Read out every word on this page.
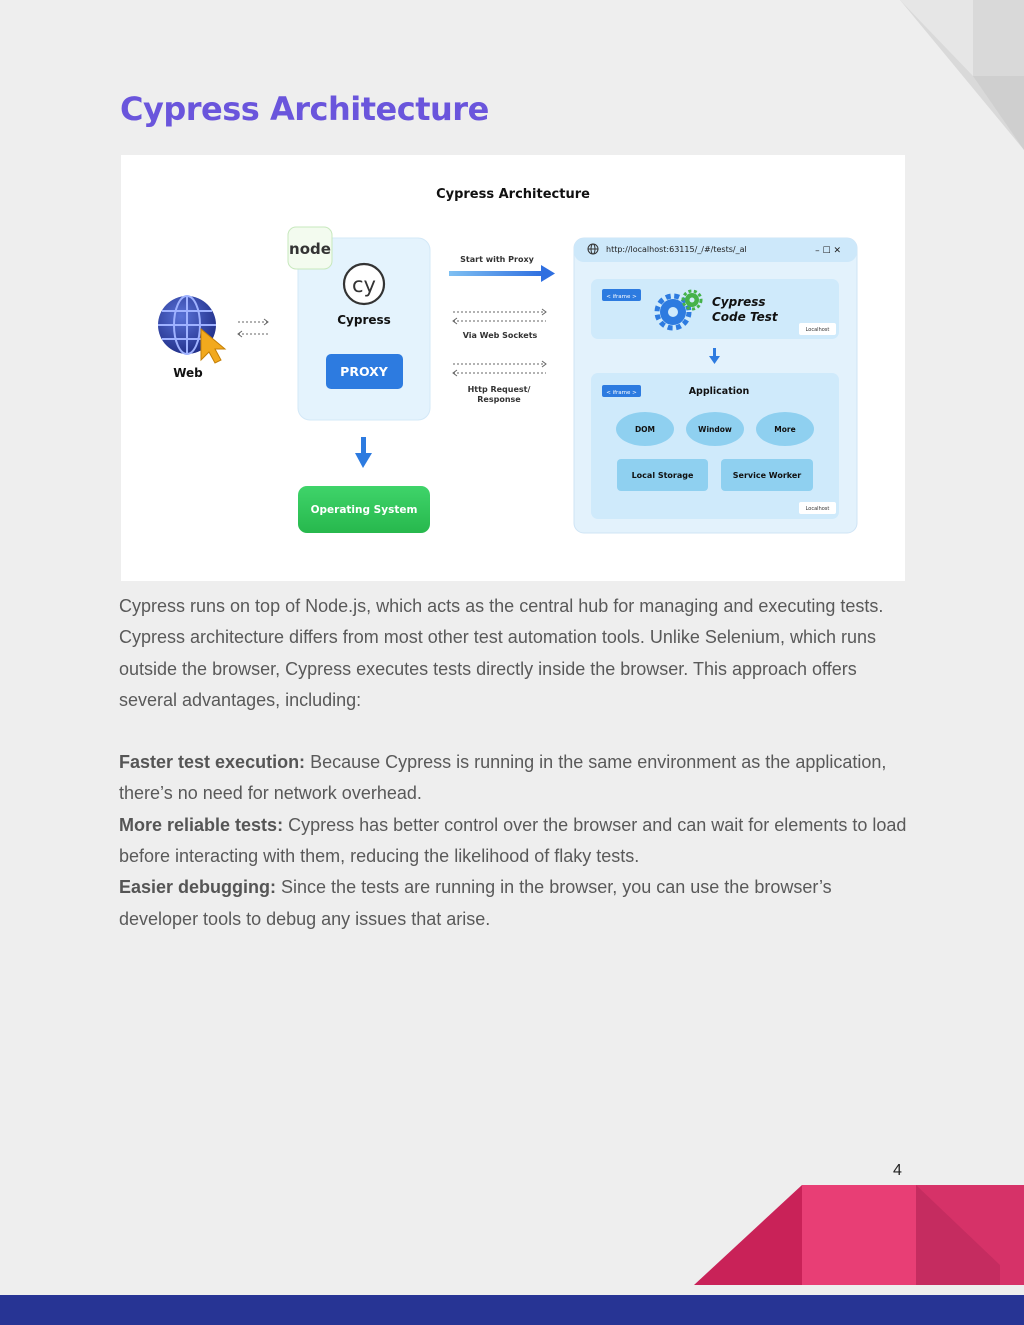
Cypress Architecture
Cypress Architecture
Web
node
cy
Cypress
PROXY
Operating System
Start with Proxy
Via Web Sockets
Http Request/
Response
http://localhost:63115/_/#/tests/_al	– ☐ ✕
< iframe >	Cypress
Code Test
Localhost
< iframe >	Application
DOM	Window	More
Local Storage	Service Worker
Localhost

Cypress runs on top of Node.js, which acts as the central hub for managing and executing tests. Cypress architecture differs from most other test automation tools. Unlike Selenium, which runs outside the browser, Cypress executes tests directly inside the browser. This approach offers several advantages, including:

Faster test execution: Because Cypress is running in the same environment as the application, there’s no need for network overhead.

More reliable tests: Cypress has better control over the browser and can wait for elements to load before interacting with them, reducing the likelihood of flaky tests.

Easier debugging: Since the tests are running in the browser, you can use the browser’s developer tools to debug any issues that arise.

4
